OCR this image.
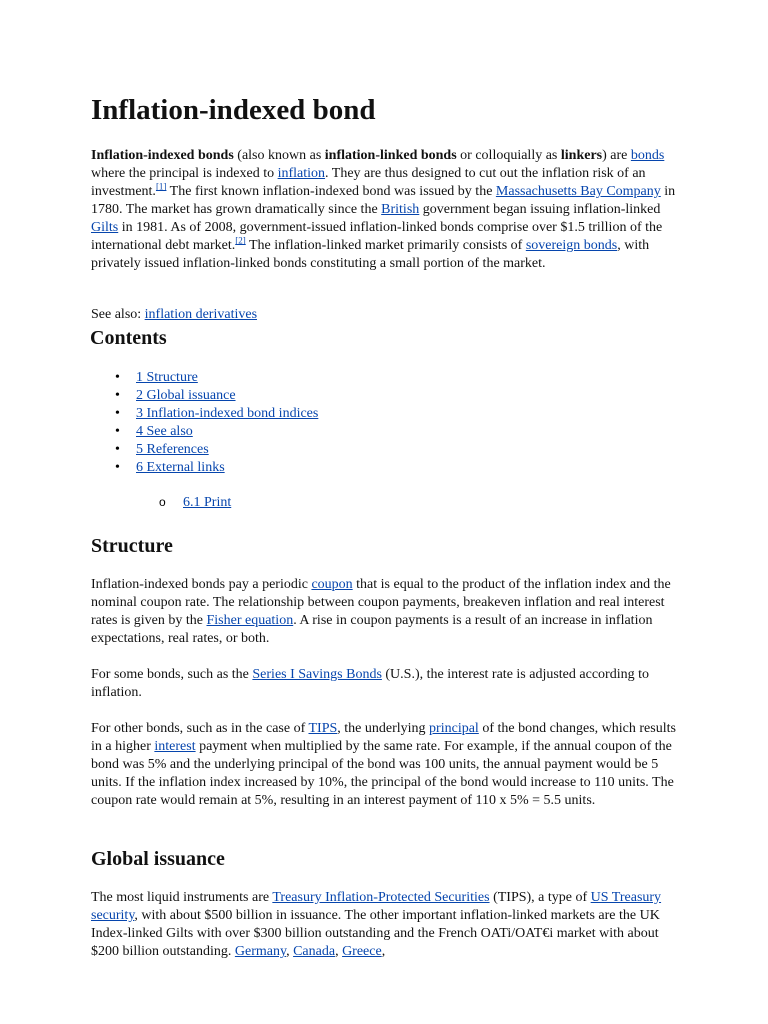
Inflation-indexed bond

Inflation-indexed bonds (also known as inflation-linked bonds or colloquially as linkers) are bonds where the principal is indexed to inflation. They are thus designed to cut out the inflation risk of an investment.[1] The first known inflation-indexed bond was issued by the Massachusetts Bay Company in 1780. The market has grown dramatically since the British government began issuing inflation-linked Gilts in 1981. As of 2008, government-issued inflation-linked bonds comprise over $1.5 trillion of the international debt market.[2] The inflation-linked market primarily consists of sovereign bonds, with privately issued inflation-linked bonds constituting a small portion of the market.

See also: inflation derivatives
Contents
• 1 Structure
• 2 Global issuance
• 3 Inflation-indexed bond indices
• 4 See also
• 5 References
• 6 External links
o 6.1 Print
Structure

Inflation-indexed bonds pay a periodic coupon that is equal to the product of the inflation index and the nominal coupon rate. The relationship between coupon payments, breakeven inflation and real interest rates is given by the Fisher equation. A rise in coupon payments is a result of an increase in inflation expectations, real rates, or both.

For some bonds, such as the Series I Savings Bonds (U.S.), the interest rate is adjusted according to inflation.

For other bonds, such as in the case of TIPS, the underlying principal of the bond changes, which results in a higher interest payment when multiplied by the same rate. For example, if the annual coupon of the bond was 5% and the underlying principal of the bond was 100 units, the annual payment would be 5 units. If the inflation index increased by 10%, the principal of the bond would increase to 110 units. The coupon rate would remain at 5%, resulting in an interest payment of 110 x 5% = 5.5 units.

Global issuance

The most liquid instruments are Treasury Inflation-Protected Securities (TIPS), a type of US Treasury security, with about $500 billion in issuance. The other important inflation-linked markets are the UK Index-linked Gilts with over $300 billion outstanding and the French OATi/OAT€i market with about $200 billion outstanding. Germany, Canada, Greece,
